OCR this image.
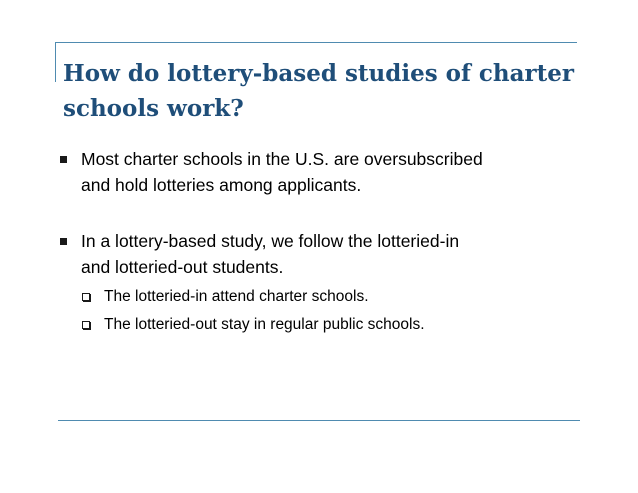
How do lottery-based studies of charter schools work?
Most charter schools in the U.S. are oversubscribed
and hold lotteries among applicants.
In a lottery-based study, we follow the lotteried-in
and lotteried-out students.
The lotteried-in attend charter schools.
The lotteried-out stay in regular public schools.
